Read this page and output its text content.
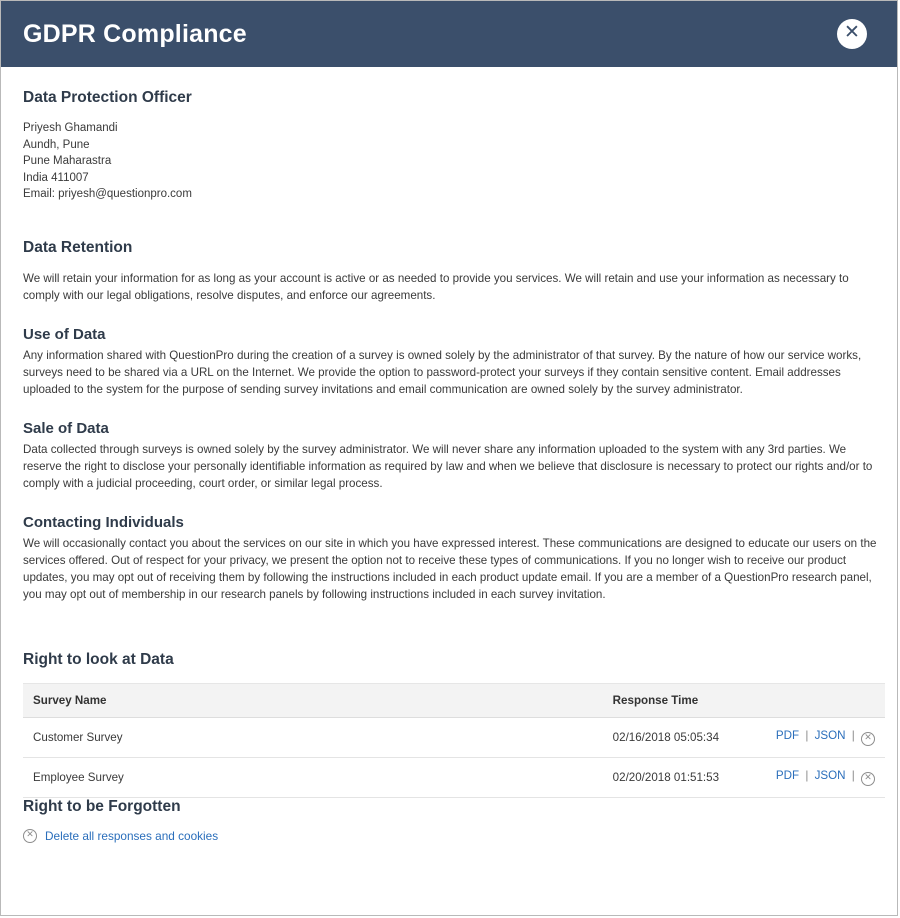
GDPR Compliance	✕
Data Protection Officer
Priyesh Ghamandi
Aundh, Pune
Pune Maharastra
India 411007
Email: priyesh@questionpro.com
Data Retention

We will retain your information for as long as your account is active or as needed to provide you services. We will retain and use your information as necessary to comply with our legal obligations, resolve disputes, and enforce our agreements.

Use of Data

Any information shared with QuestionPro during the creation of a survey is owned solely by the administrator of that survey. By the nature of how our service works, surveys need to be shared via a URL on the Internet. We provide the option to password-protect your surveys if they contain sensitive content. Email addresses uploaded to the system for the purpose of sending survey invitations and email communication are owned solely by the survey administrator.

Sale of Data

Data collected through surveys is owned solely by the survey administrator. We will never share any information uploaded to the system with any 3rd parties. We reserve the right to disclose your personally identifiable information as required by law and when we believe that disclosure is necessary to protect our rights and/or to comply with a judicial proceeding, court order, or similar legal process.

Contacting Individuals

We will occasionally contact you about the services on our site in which you have expressed interest. These communications are designed to educate our users on the services offered. Out of respect for your privacy, we present the option not to receive these types of communications. If you no longer wish to receive our product updates, you may opt out of receiving them by following the instructions included in each product update email. If you are a member of a QuestionPro research panel, you may opt out of membership in our research panels by following instructions included in each survey invitation.

Right to look at Data
Survey Name	Response Time	
Customer Survey	02/16/2018 05:05:34	PDF | JSON | ✕
Employee Survey	02/20/2018 01:51:53	PDF | JSON | ✕
Right to be Forgotten
✕ Delete all responses and cookies
